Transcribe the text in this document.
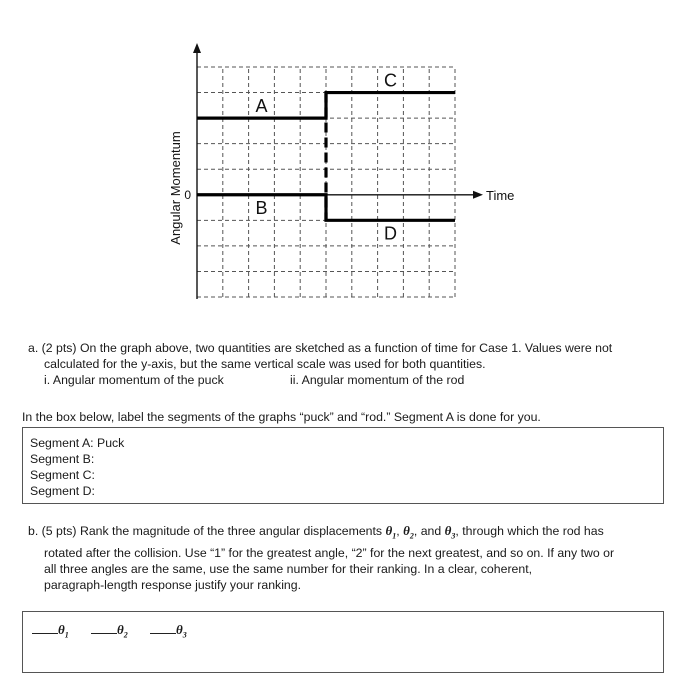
A
B
C
D
0	Time
Angular Momentum
a. (2 pts) On the graph above, two quantities are sketched as a function of time for Case 1. Values were not
calculated for the y-axis, but the same vertical scale was used for both quantities.
i. Angular momentum of the puck	ii. Angular momentum of the rod
In the box below, label the segments of the graphs “puck” and “rod.” Segment A is done for you.
Segment A: Puck
Segment B:
Segment C:
Segment D:
b. (5 pts) Rank the magnitude of the three angular displacements $\theta_1$, $\theta_2$, and $\theta_3$, through which the rod has
rotated after the collision. Use “1” for the greatest angle, “2” for the next greatest, and so on. If any two or
all three angles are the same, use the same number for their ranking. In a clear, coherent,
paragraph-length response justify your ranking.
$\theta_1$	$\theta_2$	$\theta_3$
